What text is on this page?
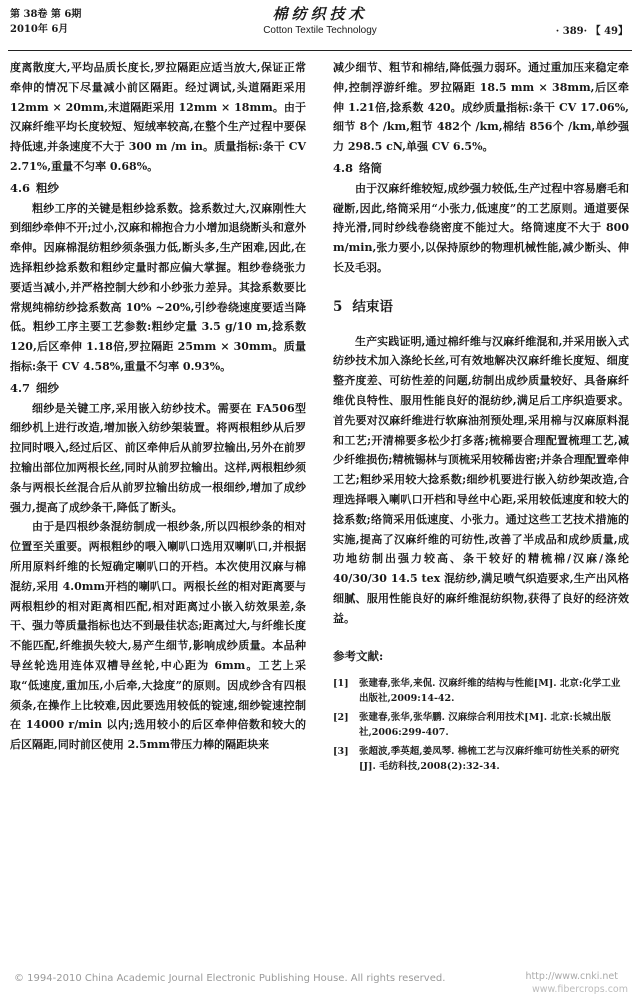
第 38卷 第 6期
2010年 6月
棉纺织技术
Cotton Textile Technology	· 389· 【 49】

度离散度大,平均品质长度长,罗拉隔距应适当放大,保证正常牵伸的情况下尽量减小前区隔距。经过调试,头道隔距采用 12mm × 20mm,末道隔距采用 12mm × 18mm。由于汉麻纤维平均长度较短、短绒率较高,在整个生产过程中要保持低速,并条速度不大于 300 m /m in。质量指标:条干 CV 2.71%,重量不匀率 0.68%。

4.6 粗纱

粗纱工序的关键是粗纱捻系数。捻系数过大,汉麻刚性大到细纱牵伸不开;过小,汉麻和棉抱合力小增加退绕断头和意外牵伸。因麻棉混纺粗纱须条强力低,断头多,生产困难,因此,在选择粗纱捻系数和粗纱定量时都应偏大掌握。粗纱卷绕张力要适当减小,并严格控制大纱和小纱张力差异。其捻系数要比常规纯棉纺纱捻系数高 10% ~20%,引纱卷绕速度要适当降低。粗纱工序主要工艺参数:粗纱定量 3.5 g/10 m,捻系数 120,后区牵伸 1.18倍,罗拉隔距 25mm × 30mm。质量指标:条干 CV 4.58%,重量不匀率 0.93%。

4.7 细纱

细纱是关键工序,采用嵌入纺纱技术。需要在 FA506型细纱机上进行改造,增加嵌入纺纱架装置。将两根粗纱从后罗拉同时喂入,经过后区、前区牵伸后从前罗拉输出,另外在前罗拉输出部位加两根长丝,同时从前罗拉输出。这样,两根粗纱须条与两根长丝混合后从前罗拉输出纺成一根细纱,增加了成纱强力,提高了成纱条干,降低了断头。

由于是四根纱条混纺制成一根纱条,所以四根纱条的相对位置至关重要。两根粗纱的喂入喇叭口选用双喇叭口,并根据所用原料纤维的长短确定喇叭口的开档。本次使用汉麻与棉混纺,采用 4.0mm开档的喇叭口。两根长丝的相对距离要与两根粗纱的相对距离相匹配,相对距离过小嵌入纺效果差,条干、强力等质量指标也达不到最佳状态;距离过大,与纤维长度不能匹配,纤维损失较大,易产生细节,影响成纱质量。本品种导丝轮选用连体双槽导丝轮,中心距为 6mm。工艺上采取“低速度,重加压,小后牵,大捻度”的原则。因成纱含有四根须条,在操作上比较难,因此要选用较低的锭速,细纱锭速控制在 14000 r/min 以内;选用较小的后区牵伸倍数和较大的后区隔距,同时前区使用 2.5mm带压力棒的隔距块来

减少细节、粗节和棉结,降低强力弱环。通过重加压来稳定牵伸,控制浮游纤维。罗拉隔距 18.5 mm × 38mm,后区牵伸 1.21倍,捻系数 420。成纱质量指标:条干 CV 17.06%,细节 8个 /km,粗节 482个 /km,棉结 856个 /km,单纱强力 298.5 cN,单强 CV 6.5%。

4.8 络筒

由于汉麻纤维较短,成纱强力较低,生产过程中容易磨毛和碰断,因此,络筒采用“小张力,低速度”的工艺原则。通道要保持光滑,同时纱线卷绕密度不能过大。络筒速度不大于 800 m/min,张力要小,以保持原纱的物理机械性能,减少断头、伸长及毛羽。

5 结束语

生产实践证明,通过棉纤维与汉麻纤维混和,并采用嵌入式纺纱技术加入涤纶长丝,可有效地解决汉麻纤维长度短、细度整齐度差、可纺性差的问题,纺制出成纱质量较好、具备麻纤维优良特性、服用性能良好的混纺纱,满足后工序织造要求。首先要对汉麻纤维进行软麻油剂预处理,采用棉与汉麻原料混和工艺;开清棉要多松少打多落;梳棉要合理配置梳理工艺,减少纤维损伤;精梳锡林与顶梳采用较稀齿密;并条合理配置牵伸工艺;粗纱采用较大捻系数;细纱机要进行嵌入纺纱架改造,合理选择喂入喇叭口开档和导丝中心距,采用较低速度和较大的捻系数;络筒采用低速度、小张力。通过这些工艺技术措施的实施,提高了汉麻纤维的可纺性,改善了半成品和成纱质量,成功地纺制出强力较高、条干较好的精梳棉/汉麻/涤纶 40/30/30 14.5 tex 混纺纱,满足喷气织造要求,生产出风格细腻、服用性能良好的麻纤维混纺织物,获得了良好的经济效益。

参考文献:
[1]	张建春,张华,来侃. 汉麻纤维的结构与性能[M]. 北京:化学工业出版社,2009:14-42.
[2]	张建春,张华,张华鹏. 汉麻综合利用技术[M]. 北京:长城出版社,2006:299-407.
[3]	张超波,季英超,姜凤琴. 棉梳工艺与汉麻纤维可纺性关系的研究[J]. 毛纺科技,2008(2):32-34.
© 1994-2010 China Academic Journal Electronic Publishing House. All rights reserved.	http://www.cnki.net
www.fibercrops.com
